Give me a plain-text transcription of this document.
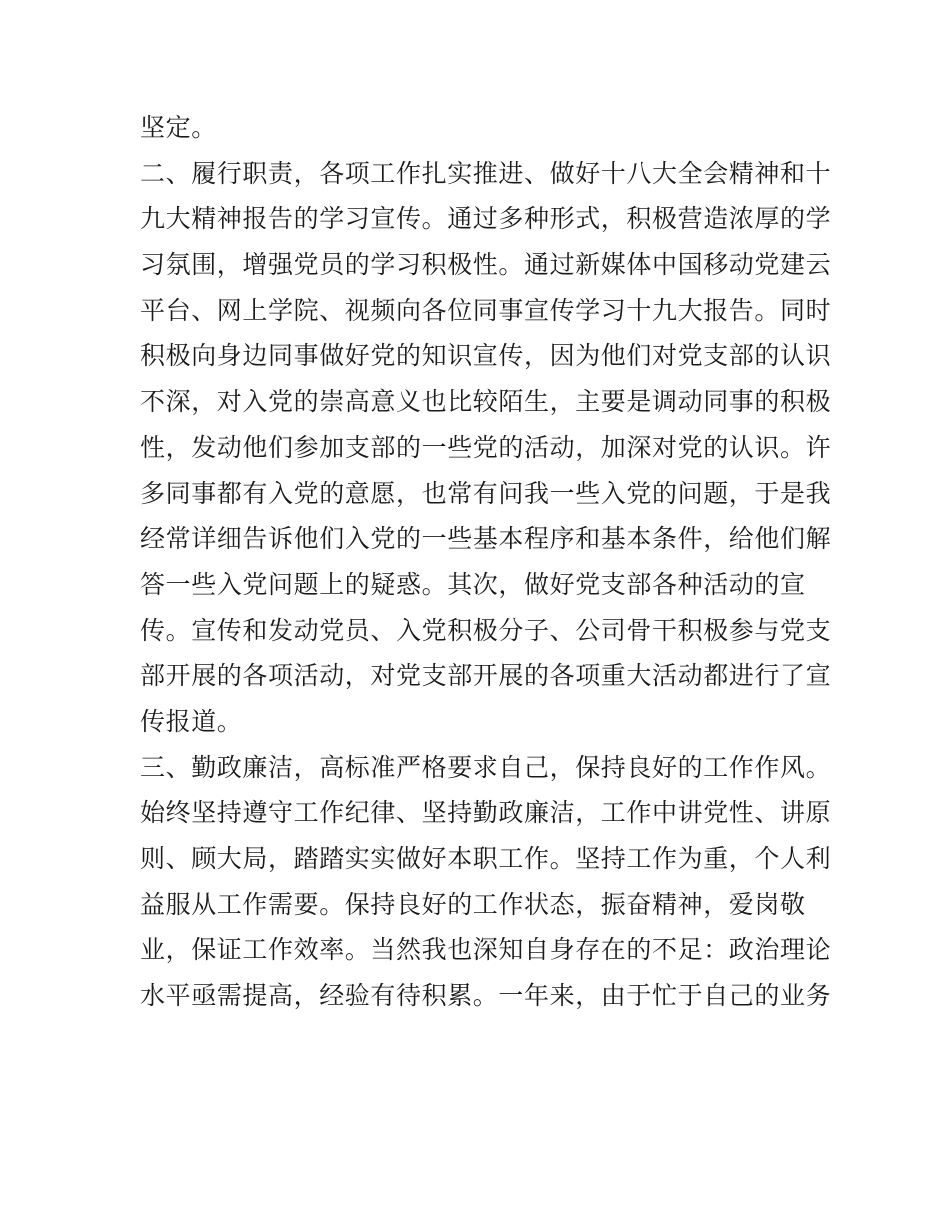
坚定。
二、履行职责，各项工作扎实推进、做好十八大全会精神和十
九大精神报告的学习宣传。通过多种形式，积极营造浓厚的学
习氛围，增强党员的学习积极性。通过新媒体中国移动党建云
平台、网上学院、视频向各位同事宣传学习十九大报告。同时
积极向身边同事做好党的知识宣传，因为他们对党支部的认识
不深，对入党的崇高意义也比较陌生，主要是调动同事的积极
性，发动他们参加支部的一些党的活动，加深对党的认识。许
多同事都有入党的意愿，也常有问我一些入党的问题，于是我
经常详细告诉他们入党的一些基本程序和基本条件，给他们解
答一些入党问题上的疑惑。其次，做好党支部各种活动的宣
传。宣传和发动党员、入党积极分子、公司骨干积极参与党支
部开展的各项活动，对党支部开展的各项重大活动都进行了宣
传报道。
三、勤政廉洁，高标准严格要求自己，保持良好的工作作风。
始终坚持遵守工作纪律、坚持勤政廉洁，工作中讲党性、讲原
则、顾大局，踏踏实实做好本职工作。坚持工作为重，个人利
益服从工作需要。保持良好的工作状态，振奋精神，爱岗敬
业，保证工作效率。当然我也深知自身存在的不足：政治理论
水平亟需提高，经验有待积累。一年来，由于忙于自己的业务
